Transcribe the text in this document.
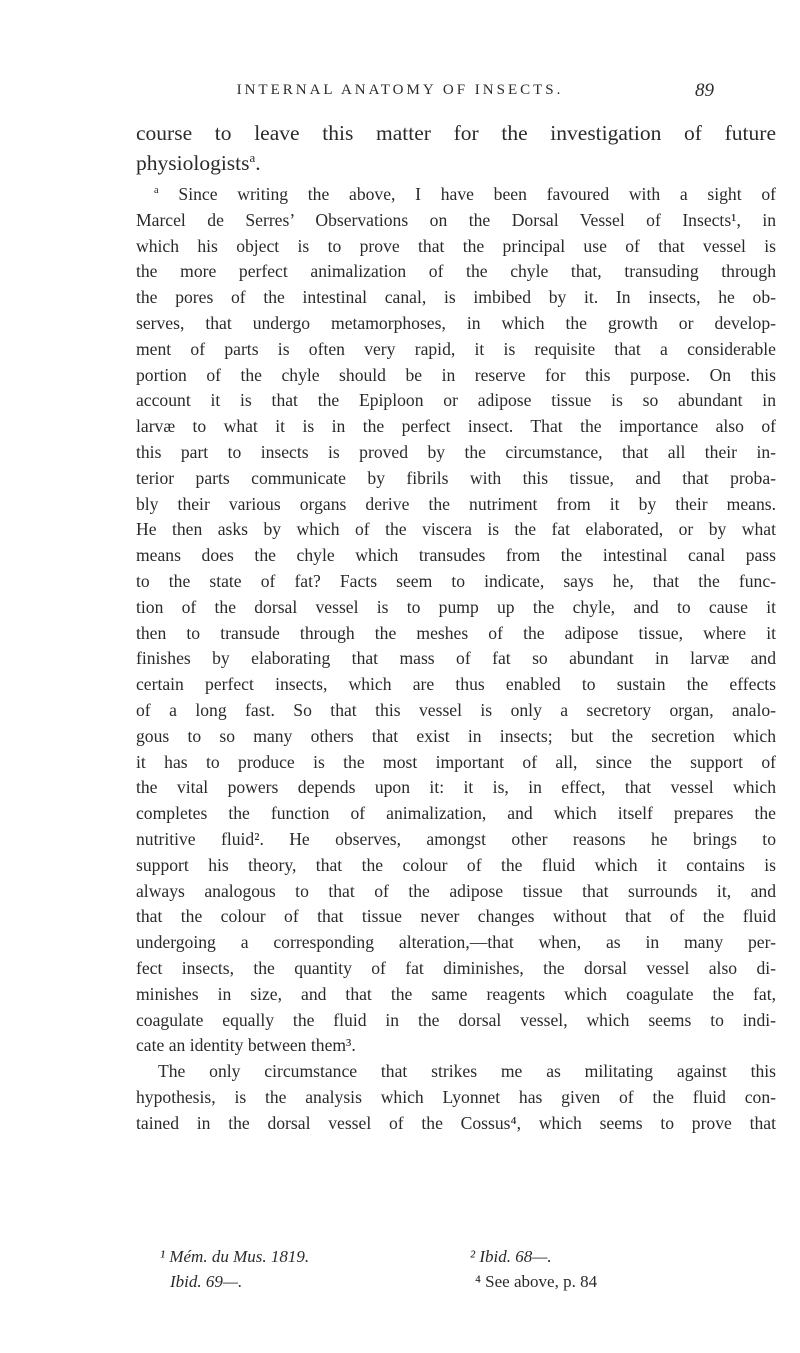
INTERNAL ANATOMY OF INSECTS.	89
course to leave this matter for the investigation of future
physiologists$^a$.
$^a$ Since writing the above, I have been favoured with a sight of
Marcel de Serres’ Observations on the Dorsal Vessel of Insects¹, in
which his object is to prove that the principal use of that vessel is
the more perfect animalization of the chyle that, transuding through
the pores of the intestinal canal, is imbibed by it. In insects, he ob-
serves, that undergo metamorphoses, in which the growth or develop-
ment of parts is often very rapid, it is requisite that a considerable
portion of the chyle should be in reserve for this purpose. On this
account it is that the Epiploon or adipose tissue is so abundant in
larvæ to what it is in the perfect insect. That the importance also of
this part to insects is proved by the circumstance, that all their in-
terior parts communicate by fibrils with this tissue, and that proba-
bly their various organs derive the nutriment from it by their means.
He then asks by which of the viscera is the fat elaborated, or by what
means does the chyle which transudes from the intestinal canal pass
to the state of fat? Facts seem to indicate, says he, that the func-
tion of the dorsal vessel is to pump up the chyle, and to cause it
then to transude through the meshes of the adipose tissue, where it
finishes by elaborating that mass of fat so abundant in larvæ and
certain perfect insects, which are thus enabled to sustain the effects
of a long fast. So that this vessel is only a secretory organ, analo-
gous to so many others that exist in insects; but the secretion which
it has to produce is the most important of all, since the support of
the vital powers depends upon it: it is, in effect, that vessel which
completes the function of animalization, and which itself prepares the
nutritive fluid². He observes, amongst other reasons he brings to
support his theory, that the colour of the fluid which it contains is
always analogous to that of the adipose tissue that surrounds it, and
that the colour of that tissue never changes without that of the fluid
undergoing a corresponding alteration,—that when, as in many per-
fect insects, the quantity of fat diminishes, the dorsal vessel also di-
minishes in size, and that the same reagents which coagulate the fat,
coagulate equally the fluid in the dorsal vessel, which seems to indi-
cate an identity between them³.
The only circumstance that strikes me as militating against this
hypothesis, is the analysis which Lyonnet has given of the fluid con-
tained in the dorsal vessel of the Cossus⁴, which seems to prove that
¹ Mém. du Mus. 1819.	² Ibid. 68—.
Ibid. 69—.	⁴ See above, p. 84
